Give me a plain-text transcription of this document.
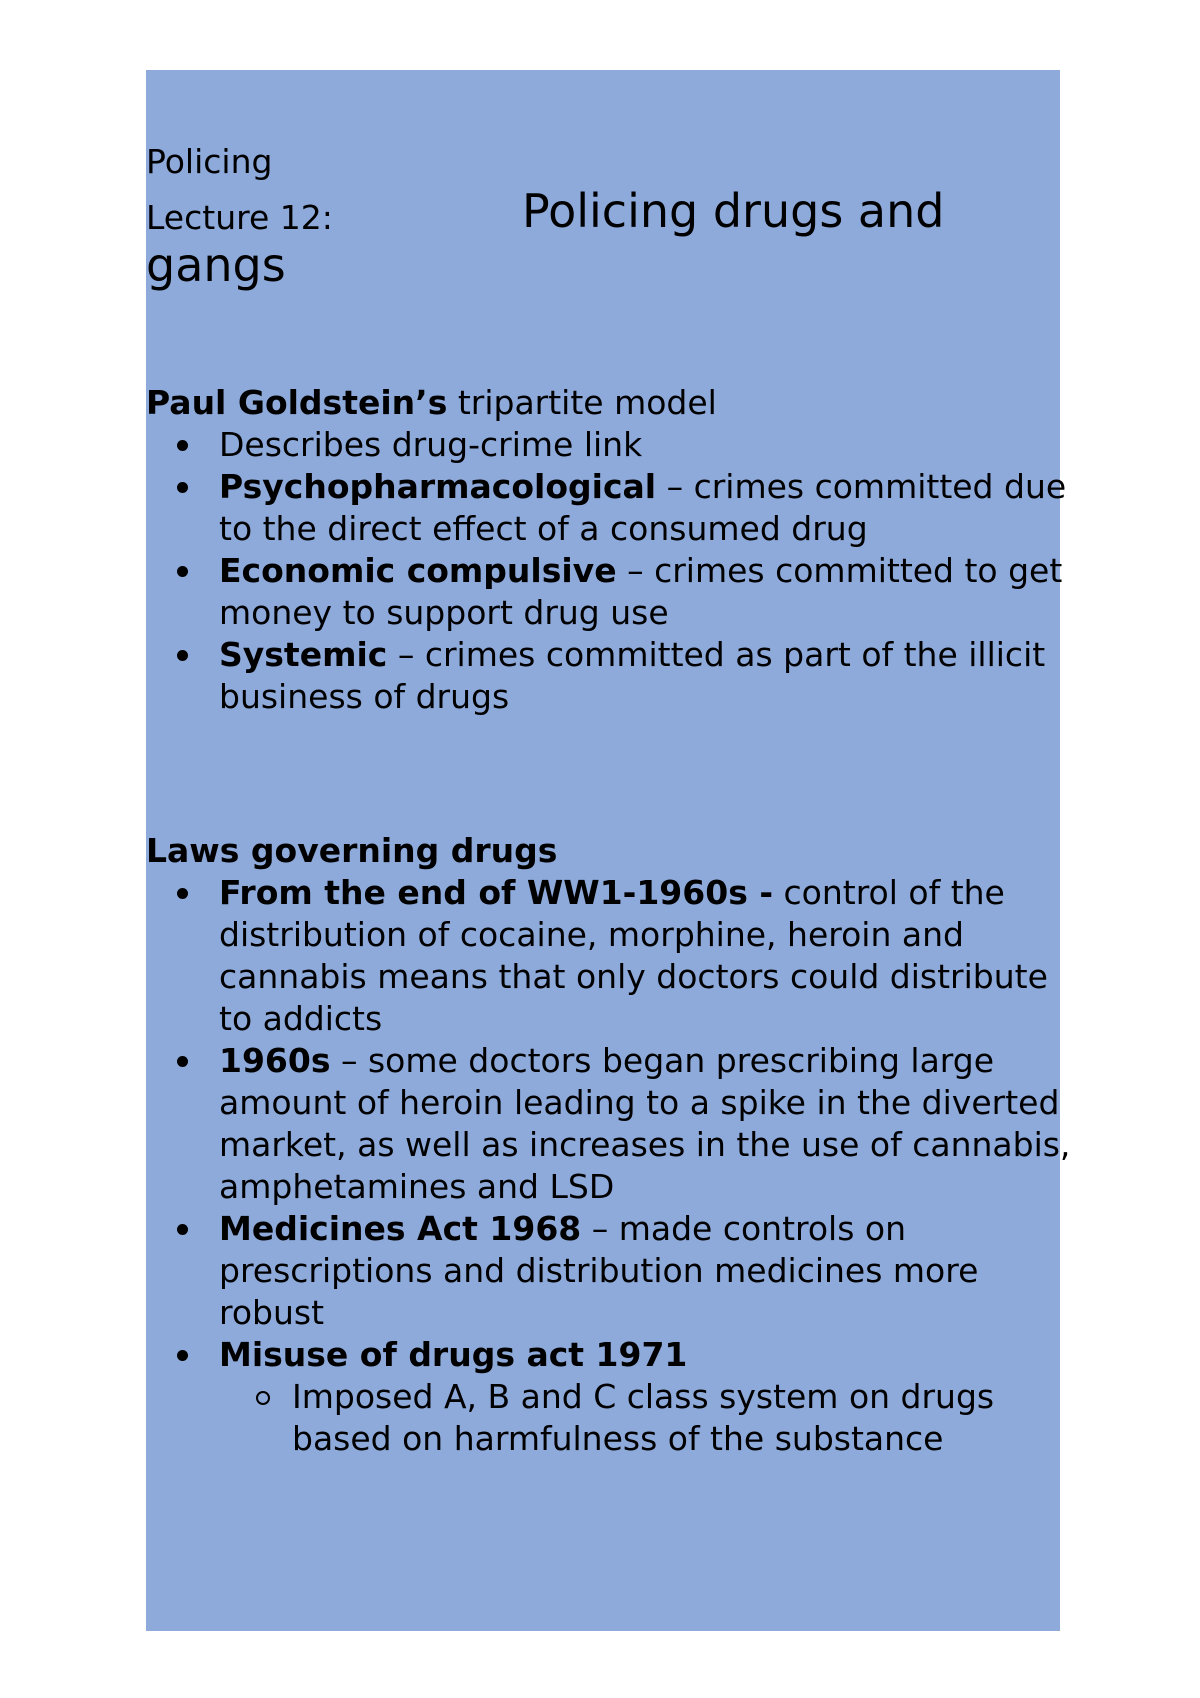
Policing

Lecture 12:	Policing drugs and gangs

Paul Goldstein’s tripartite model

Describes drug-crime link
Psychopharmacological – crimes committed due to the direct effect of a consumed drug
Economic compulsive – crimes committed to get money to support drug use
Systemic – crimes committed as part of the illicit business of drugs

Laws governing drugs

From the end of WW1-1960s - control of the distribution of cocaine, morphine, heroin and cannabis means that only doctors could distribute to addicts
1960s – some doctors began prescribing large amount of heroin leading to a spike in the diverted market, as well as increases in the use of cannabis, amphetamines and LSD
Medicines Act 1968 – made controls on prescriptions and distribution medicines more robust
Misuse of drugs act 1971
Imposed A, B and C class system on drugs based on harmfulness of the substance
